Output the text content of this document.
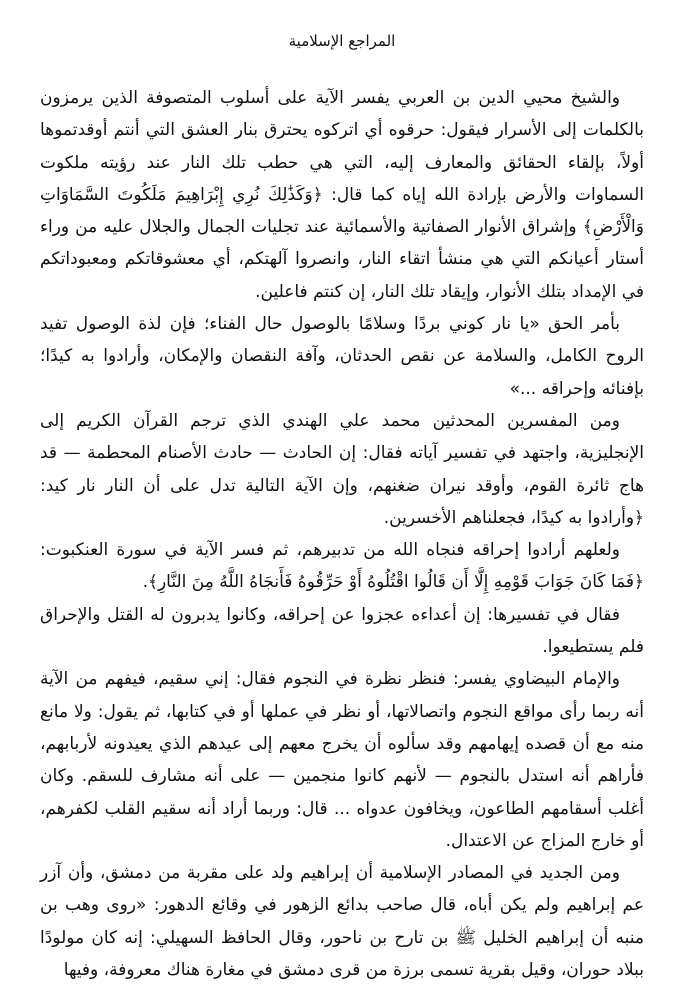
المراجع الإسلامية

والشيخ محيي الدين بن العربي يفسر الآية على أسلوب المتصوفة الذين يرمزون بالكلمات إلى الأسرار فيقول: حرقوه أي اتركوه يحترق بنار العشق التي أنتم أوقدتموها أولاً، بإلقاء الحقائق والمعارف إليه، التي هي حطب تلك النار عند رؤيته ملكوت السماوات والأرض بإرادة الله إياه كما قال: ﴿وَكَذَٰلِكَ نُرِي إِبْرَاهِيمَ مَلَكُوتَ السَّمَاوَاتِ وَالْأَرْضِ﴾ وإشراق الأنوار الصفاتية والأسمائية عند تجليات الجمال والجلال عليه من وراء أستار أعيانكم التي هي منشأ اتقاء النار، وانصروا آلهتكم، أي معشوقاتكم ومعبوداتكم في الإمداد بتلك الأنوار، وإيقاد تلك النار، إن كنتم فاعلين.

بأمر الحق «يا نار كوني بردًا وسلامًا بالوصول حال الفناء؛ فإن لذة الوصول تفيد الروح الكامل، والسلامة عن نقص الحدثان، وآفة النقصان والإمكان، وأرادوا به كيدًا؛ بإفنائه وإحراقه ...»

ومن المفسرين المحدثين محمد علي الهندي الذي ترجم القرآن الكريم إلى الإنجليزية، واجتهد في تفسير آياته فقال: إن الحادث — حادث الأصنام المحطمة — قد هاج ثائرة القوم، وأوقد نيران ضغنهم، وإن الآية التالية تدل على أن النار نار كيد: ﴿وأرادوا به كيدًا، فجعلناهم الأخسرين.

ولعلهم أرادوا إحراقه فنجاه الله من تدبيرهم، ثم فسر الآية في سورة العنكبوت: ﴿فَمَا كَانَ جَوَابَ قَوْمِهِ إِلَّا أَن قَالُوا اقْتُلُوهُ أَوْ حَرِّقُوهُ فَأَنجَاهُ اللَّهُ مِنَ النَّارِ﴾.

فقال في تفسيرها: إن أعداءه عجزوا عن إحراقه، وكانوا يدبرون له القتل والإحراق فلم يستطيعوا.

والإمام البيضاوي يفسر: فنظر نظرة في النجوم فقال: إني سقيم، فيفهم من الآية أنه ربما رأى مواقع النجوم واتصالاتها، أو نظر في عملها أو في كتابها، ثم يقول: ولا مانع منه مع أن قصده إيهامهم وقد سألوه أن يخرج معهم إلى عيدهم الذي يعيدونه لأربابهم، فأراهم أنه استدل بالنجوم — لأنهم كانوا منجمين — على أنه مشارف للسقم. وكان أغلب أسقامهم الطاعون، ويخافون عدواه ... قال: وربما أراد أنه سقيم القلب لكفرهم، أو خارج المزاج عن الاعتدال.

ومن الجديد في المصادر الإسلامية أن إبراهيم ولد على مقربة من دمشق، وأن آزر عم إبراهيم ولم يكن أباه، قال صاحب بدائع الزهور في وقائع الدهور: «روى وهب بن منبه أن إبراهيم الخليل ﷺ بن تارح بن ناحور، وقال الحافظ السهيلي: إنه كان مولودًا ببلاد حوران، وقيل بقرية تسمى برزة من قرى دمشق في مغارة هناك معروفة، وفيها
